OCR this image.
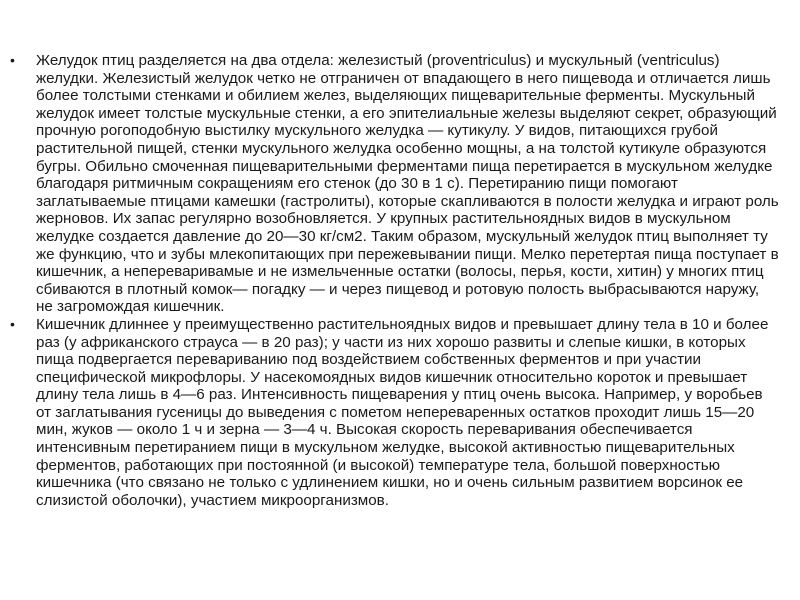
• Желудок птиц разделяется на два отдела: железистый (proventriculus) и мускульный (ventriculus) желудки. Железистый желудок четко не отграничен от впадающего в него пищевода и отличается лишь более толстыми стенками и обилием желез, выделяющих пищеварительные ферменты. Мускульный желудок имеет толстые мускульные стенки, а его эпителиальные железы выделяют секрет, образующий прочную рогоподобную выстилку мускульного желудка — кутикулу. У видов, питающихся грубой растительной пищей, стенки мускульного желудка особенно мощны, а на толстой кутикуле образуются бугры. Обильно смоченная пищеварительными ферментами пища перетирается в мускульном желудке благодаря ритмичным сокращениям его стенок (до 30 в 1 с). Перетиранию пищи помогают заглатываемые птицами камешки (гастролиты), которые скапливаются в полости желудка и играют роль жерновов. Их запас регулярно возобновляется. У крупных растительноядных видов в мускульном желудке создается давление до 20—30 кг/см2. Таким образом, мускульный желудок птиц выполняет ту же функцию, что и зубы млекопитающих при пережевывании пищи. Мелко перетертая пища поступает в кишечник, а непереваривамые и не измельченные остатки (волосы, перья, кости, хитин) у многих птиц сбиваются в плотный комок— погадку — и через пищевод и ротовую полость выбрасываются наружу, не загромождая кишечник.
• Кишечник длиннее у преимущественно растительноядных видов и превышает длину тела в 10 и более раз (у африканского страуса — в 20 раз); у части из них хорошо развиты и слепые кишки, в которых пища подвергается перевариванию под воздействием собственных ферментов и при участии специфической микрофлоры. У насекомоядных видов кишечник относительно короток и превышает длину тела лишь в 4—6 раз. Интенсивность пищеварения у птиц очень высока. Например, у воробьев от заглатывания гусеницы до выведения с пометом непереваренных остатков проходит лишь 15—20 мин, жуков — около 1 ч и зерна — 3—4 ч. Высокая скорость переваривания обеспечивается интенсивным перетиранием пищи в мускульном желудке, высокой активностью пищеварительных ферментов, работающих при постоянной (и высокой) температуре тела, большой поверхностью кишечника (что связано не только с удлинением кишки, но и очень сильным развитием ворсинок ее слизистой оболочки), участием микроорганизмов.
